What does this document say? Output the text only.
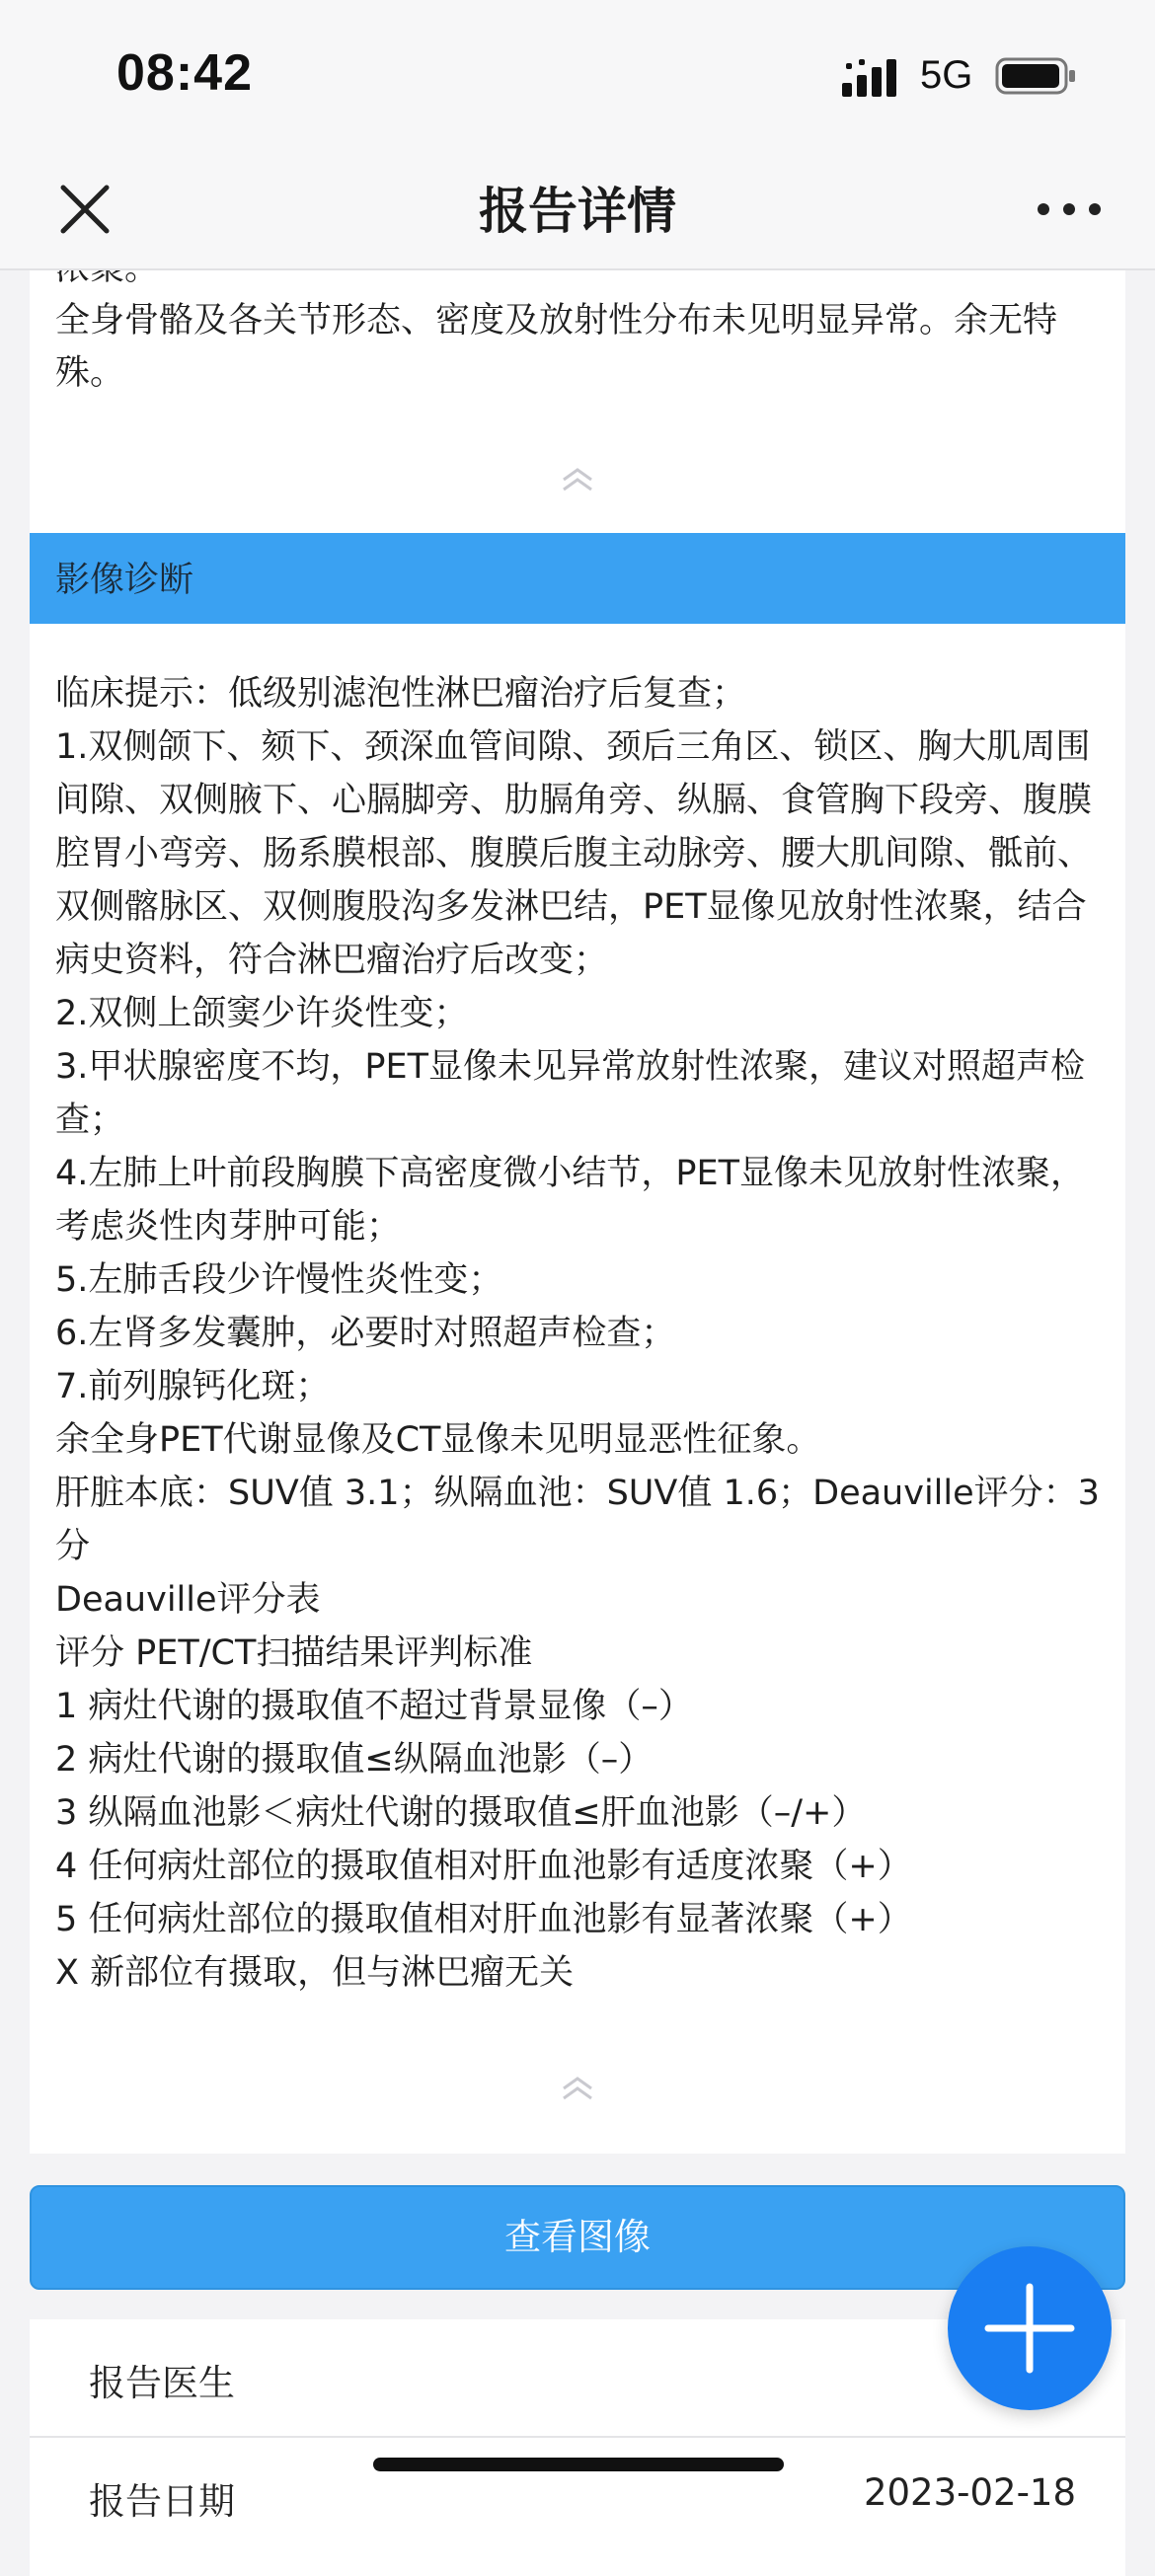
08:42	5G
报告详情

全身骨骼及各关节形态、密度及放射性分布未见明显异常。余无特殊。

影像诊断

临床提示：低级别滤泡性淋巴瘤治疗后复查；

1.双侧颌下、颏下、颈深血管间隙、颈后三角区、锁区、胸大肌周围间隙、双侧腋下、心膈脚旁、肋膈角旁、纵膈、食管胸下段旁、腹膜腔胃小弯旁、肠系膜根部、腹膜后腹主动脉旁、腰大肌间隙、骶前、双侧髂脉区、双侧腹股沟多发淋巴结，PET显像见放射性浓聚，结合病史资料，符合淋巴瘤治疗后改变；

2.双侧上颌窦少许炎性变；

3.甲状腺密度不均，PET显像未见异常放射性浓聚，建议对照超声检查；

4.左肺上叶前段胸膜下高密度微小结节，PET显像未见放射性浓聚，考虑炎性肉芽肿可能；

5.左肺舌段少许慢性炎性变；

6.左肾多发囊肿，必要时对照超声检查；

7.前列腺钙化斑；

余全身PET代谢显像及CT显像未见明显恶性征象。

肝脏本底：SUV值 3.1；纵隔血池：SUV值 1.6；Deauville评分：3分

Deauville评分表

评分 PET/CT扫描结果评判标准

1 病灶代谢的摄取值不超过背景显像（–）

2 病灶代谢的摄取值≤纵隔血池影（–）

3 纵隔血池影＜病灶代谢的摄取值≤肝血池影（–/+）

4 任何病灶部位的摄取值相对肝血池影有适度浓聚（+）

5 任何病灶部位的摄取值相对肝血池影有显著浓聚（+）

X 新部位有摄取，但与淋巴瘤无关

查看图像
报告医生
报告日期	2023-02-18
